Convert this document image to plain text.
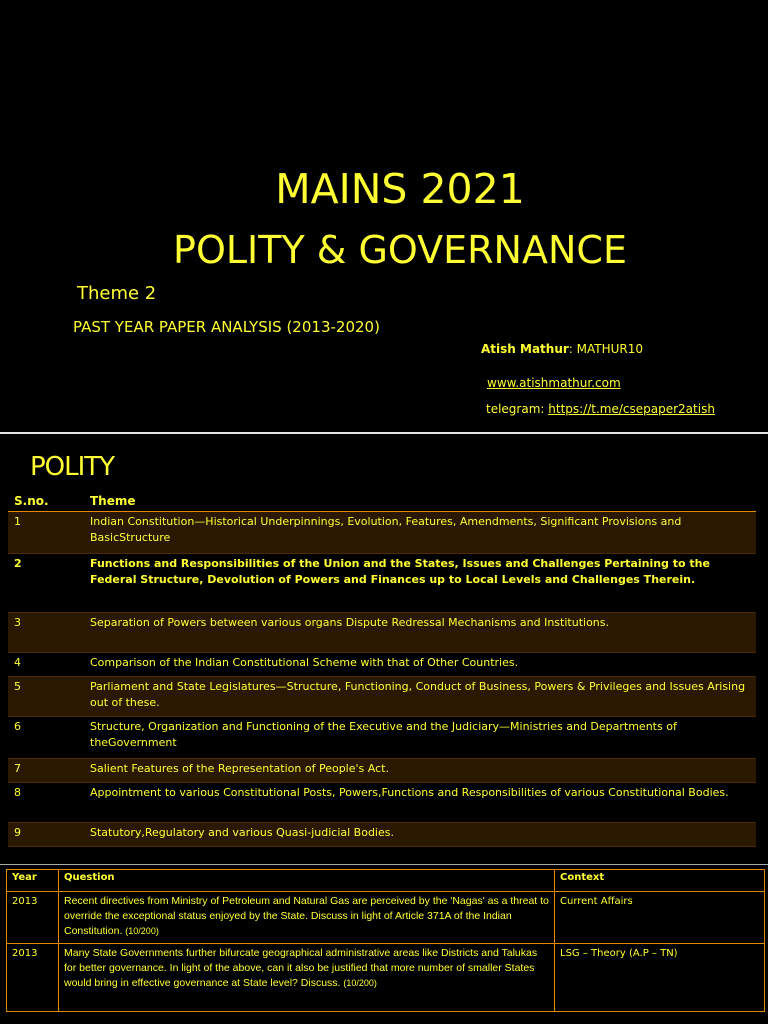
MAINS 2021
POLITY & GOVERNANCE
Theme 2
PAST YEAR PAPER ANALYSIS (2013-2020)
Atish Mathur: MATHUR10
www.atishmathur.com
telegram: https://t.me/csepaper2atish
POLITY
S.no.	Theme
1	Indian Constitution—Historical Underpinnings, Evolution, Features, Amendments, Significant Provisions and BasicStructure
2	Functions and Responsibilities of the Union and the States, Issues and Challenges Pertaining to the Federal Structure, Devolution of Powers and Finances up to Local Levels and Challenges Therein.
3	Separation of Powers between various organs Dispute Redressal Mechanisms and Institutions.
4	Comparison of the Indian Constitutional Scheme with that of Other Countries.
5	Parliament and State Legislatures—Structure, Functioning, Conduct of Business, Powers & Privileges and Issues Arising out of these.
6	Structure, Organization and Functioning of the Executive and the Judiciary—Ministries and Departments of theGovernment
7	Salient Features of the Representation of People's Act.
8	Appointment to various Constitutional Posts, Powers,Functions and Responsibilities of various Constitutional Bodies.
9	Statutory,Regulatory and various Quasi-judicial Bodies.
Year	Question	Context
2013	Recent directives from Ministry of Petroleum and Natural Gas are perceived by the 'Nagas' as a threat to override the exceptional status enjoyed by the State. Discuss in light of Article 371A of the Indian Constitution. (10/200)	Current Affairs
2013	Many State Governments further bifurcate geographical administrative areas like Districts and Talukas for better governance. In light of the above, can it also be justified that more number of smaller States would bring in effective governance at State level? Discuss. (10/200)	LSG – Theory (A.P – TN)
